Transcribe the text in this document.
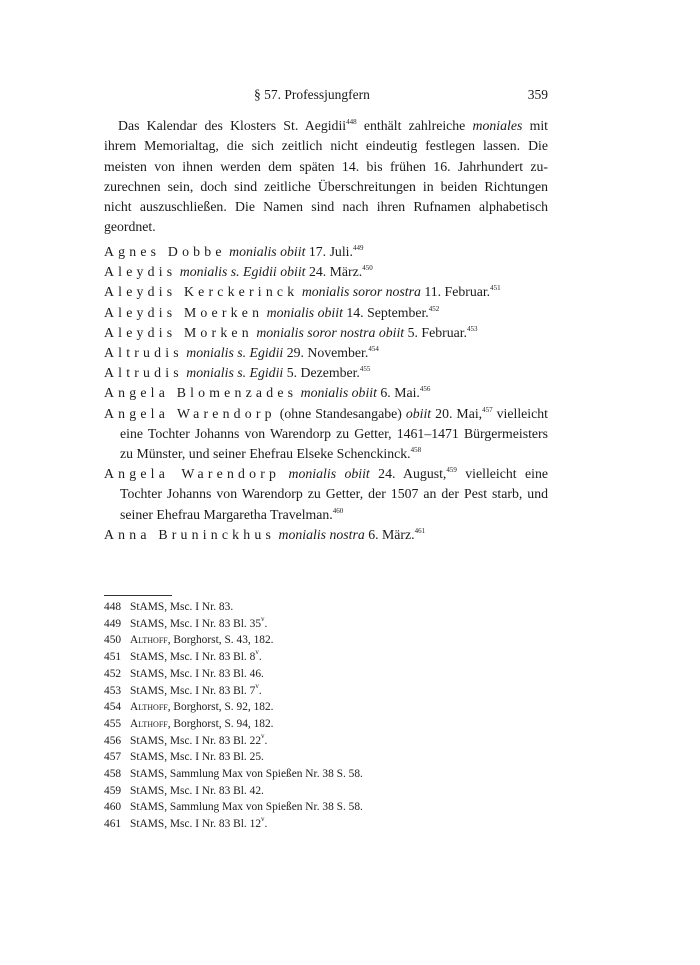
§ 57. Professjungfern	359
Das Kalendar des Klosters St. Aegidii$^{448}$ enthält zahlreiche moniales mit ihrem Memorialtag, die sich zeitlich nicht eindeutig festlegen lassen. Die meisten von ihnen werden dem späten 14. bis frühen 16. Jahrhundert zuzurechnen sein, doch sind zeitliche Überschreitungen in beiden Richtungen nicht auszuschließen. Die Namen sind nach ihren Rufnamen alphabetisch geordnet.
Agnes Dobbe monialis obiit 17. Juli.$^{449}$
Aleydis monialis s. Egidii obiit 24. März.$^{450}$
Aleydis Kerckerinck monialis soror nostra 11. Februar.$^{451}$
Aleydis Moerken monialis obiit 14. September.$^{452}$
Aleydis Morken monialis soror nostra obiit 5. Februar.$^{453}$
Altrudis monialis s. Egidii 29. November.$^{454}$
Altrudis monialis s. Egidii 5. Dezember.$^{455}$
Angela Blomenzades monialis obiit 6. Mai.$^{456}$
Angela Warendorp (ohne Standesangabe) obiit 20. Mai,$^{457}$ vielleicht eine Tochter Johanns von Warendorp zu Getter, 1461–1471 Bürgermeisters zu Münster, und seiner Ehefrau Elseke Schenckinck.$^{458}$
Angela Warendorp monialis obiit 24. August,$^{459}$ vielleicht eine Tochter Johanns von Warendorp zu Getter, der 1507 an der Pest starb, und seiner Ehefrau Margaretha Travelman.$^{460}$
Anna Bruninckhus monialis nostra 6. März.$^{461}$
448 StAMS, Msc. I Nr. 83.
449 StAMS, Msc. I Nr. 83 Bl. 35$^v$.
450 Althoff, Borghorst, S. 43, 182.
451 StAMS, Msc. I Nr. 83 Bl. 8$^v$.
452 StAMS, Msc. I Nr. 83 Bl. 46.
453 StAMS, Msc. I Nr. 83 Bl. 7$^v$.
454 Althoff, Borghorst, S. 92, 182.
455 Althoff, Borghorst, S. 94, 182.
456 StAMS, Msc. I Nr. 83 Bl. 22$^v$.
457 StAMS, Msc. I Nr. 83 Bl. 25.
458 StAMS, Sammlung Max von Spießen Nr. 38 S. 58.
459 StAMS, Msc. I Nr. 83 Bl. 42.
460 StAMS, Sammlung Max von Spießen Nr. 38 S. 58.
461 StAMS, Msc. I Nr. 83 Bl. 12$^v$.
